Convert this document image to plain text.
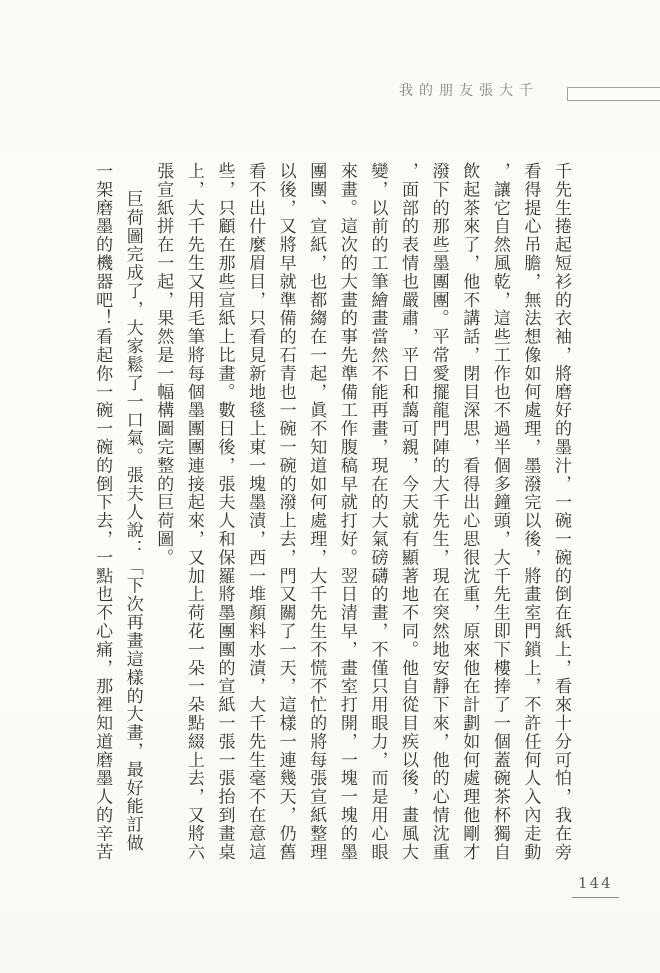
我的朋友張大千
千先生捲起短衫的衣袖，將磨好的墨汁，一碗一碗的倒在紙上，看來十分可怕，我在旁
看得提心吊膽，無法想像如何處理，墨潑完以後，將畫室門鎖上，不許任何人入內走動
，讓它自然風乾，這些工作也不過半個多鐘頭，大千先生即下樓捧了一個蓋碗茶杯獨自
飲起茶來了，他不講話，閉目深思，看得出心思很沈重，原來他在計劃如何處理他剛才
潑下的那些墨團團。平常愛擺龍門陣的大千先生，現在突然地安靜下來，他的心情沈重
，面部的表情也嚴肅，平日和藹可親，今天就有顯著地不同。他自從目疾以後，畫風大
變，以前的工筆繪畫當然不能再畫，現在的大氣磅礴的畫，不僅只用眼力，而是用心眼
來畫。這次的大畫的事先準備工作腹稿早就打好。翌日清早，畫室打開，一塊一塊的墨
團團、宣紙，也都縐在一起，眞不知道如何處理，大千先生不慌不忙的將每張宣紙整理
以後，又將早就準備的石青也一碗一碗的潑上去，門又關了一天，這樣一連幾天，仍舊
看不出什麼眉目，只看見新地毯上東一塊墨漬，西一堆顏料水漬，大千先生毫不在意這
些，只顧在那些宣紙上比畫。數日後，張夫人和保羅將墨團團的宣紙一張一張抬到畫桌
上，大千先生又用毛筆將每個墨團團連接起來，又加上荷花一朵一朵點綴上去，又將六
張宣紙拼在一起，果然是一幅構圖完整的巨荷圖。
巨荷圖完成了，大家鬆了一口氣。張夫人說：「下次再畫這樣的大畫，最好能訂做
一架磨墨的機器吧！看起你一碗一碗的倒下去，一點也不心痛，那裡知道磨墨人的辛苦
144
